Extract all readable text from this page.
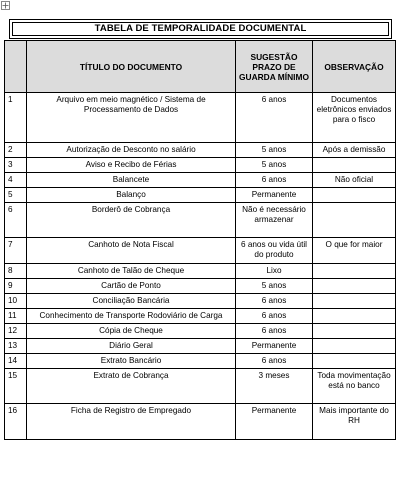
TABELA DE TEMPORALIDADE DOCUMENTAL
	TÍTULO DO DOCUMENTO	SUGESTÃO PRAZO DE GUARDA MÍNIMO	OBSERVAÇÃO
1	Arquivo em meio magnético / Sistema de Processamento de Dados	6 anos	Documentos eletrônicos enviados para o fisco
2	Autorização de Desconto no salário	5 anos	Após a demissão
3	Aviso e Recibo de Férias	5 anos	
4	Balancete	6 anos	Não oficial
5	Balanço	Permanente	
6	Borderô de Cobrança	Não é necessário armazenar	
7	Canhoto de Nota Fiscal	6 anos ou vida útil do produto	O que for maior
8	Canhoto de Talão de Cheque	Lixo	
9	Cartão de Ponto	5 anos	
10	Conciliação Bancária	6 anos	
11	Conhecimento de Transporte Rodoviário de Carga	6 anos	
12	Cópia de Cheque	6 anos	
13	Diário Geral	Permanente	
14	Extrato Bancário	6 anos	
15	Extrato de Cobrança	3 meses	Toda movimentação está no banco
16	Ficha de Registro de Empregado	Permanente	Mais importante do RH
